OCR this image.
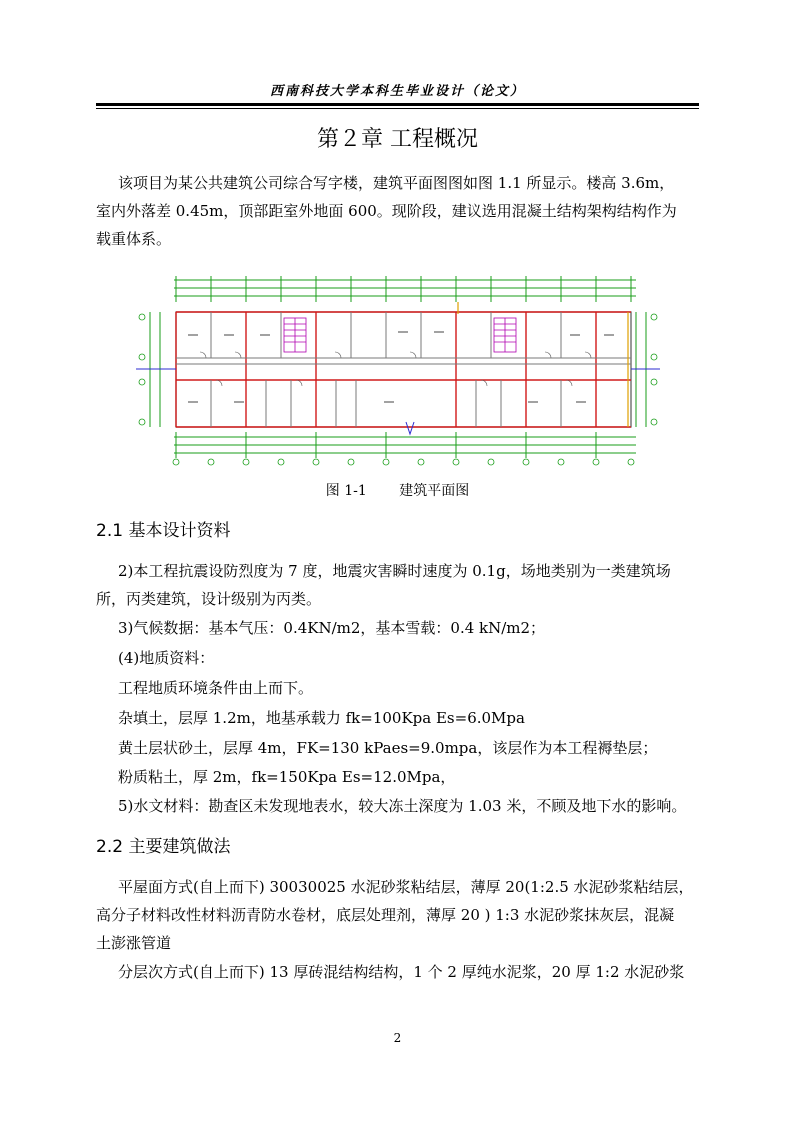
西南科技大学本科生毕业设计（论文）
第２章 工程概况
该项目为某公共建筑公司综合写字楼，建筑平面图图如图 1.1 所显示。楼高 3.6m，
室内外落差 0.45m，顶部距室外地面 600。现阶段，建议选用混凝土结构架构结构作为
载重体系。
图 1-1 建筑平面图
2.1 基本设计资料
2)本工程抗震设防烈度为 7 度，地震灾害瞬时速度为 0.1g，场地类别为一类建筑场
所，丙类建筑，设计级别为丙类。
3)气候数据：基本气压：0.4KN/m2，基本雪载：0.4 kN/m2；
(4)地质资料：
工程地质环境条件由上而下。
杂填土，层厚 1.2m，地基承载力 fk=100Kpa Es=6.0Mpa
黄土层状砂土，层厚 4m，FK=130 kPaes=9.0mpa，该层作为本工程褥垫层；
粉质粘土，厚 2m，fk=150Kpa Es=12.0Mpa，
5)水文材料：勘查区未发现地表水，较大冻土深度为 1.03 米，不顾及地下水的影响。
2.2 主要建筑做法
平屋面方式(自上而下) 30030025 水泥砂浆粘结层，薄厚 20(1:2.5 水泥砂浆粘结层，
高分子材料改性材料沥青防水卷材，底层处理剂，薄厚 20 ) 1:3 水泥砂浆抹灰层，混凝
土澎涨管道
分层次方式(自上而下) 13 厚砖混结构结构，1 个 2 厚纯水泥浆，20 厚 1:2 水泥砂浆
2
